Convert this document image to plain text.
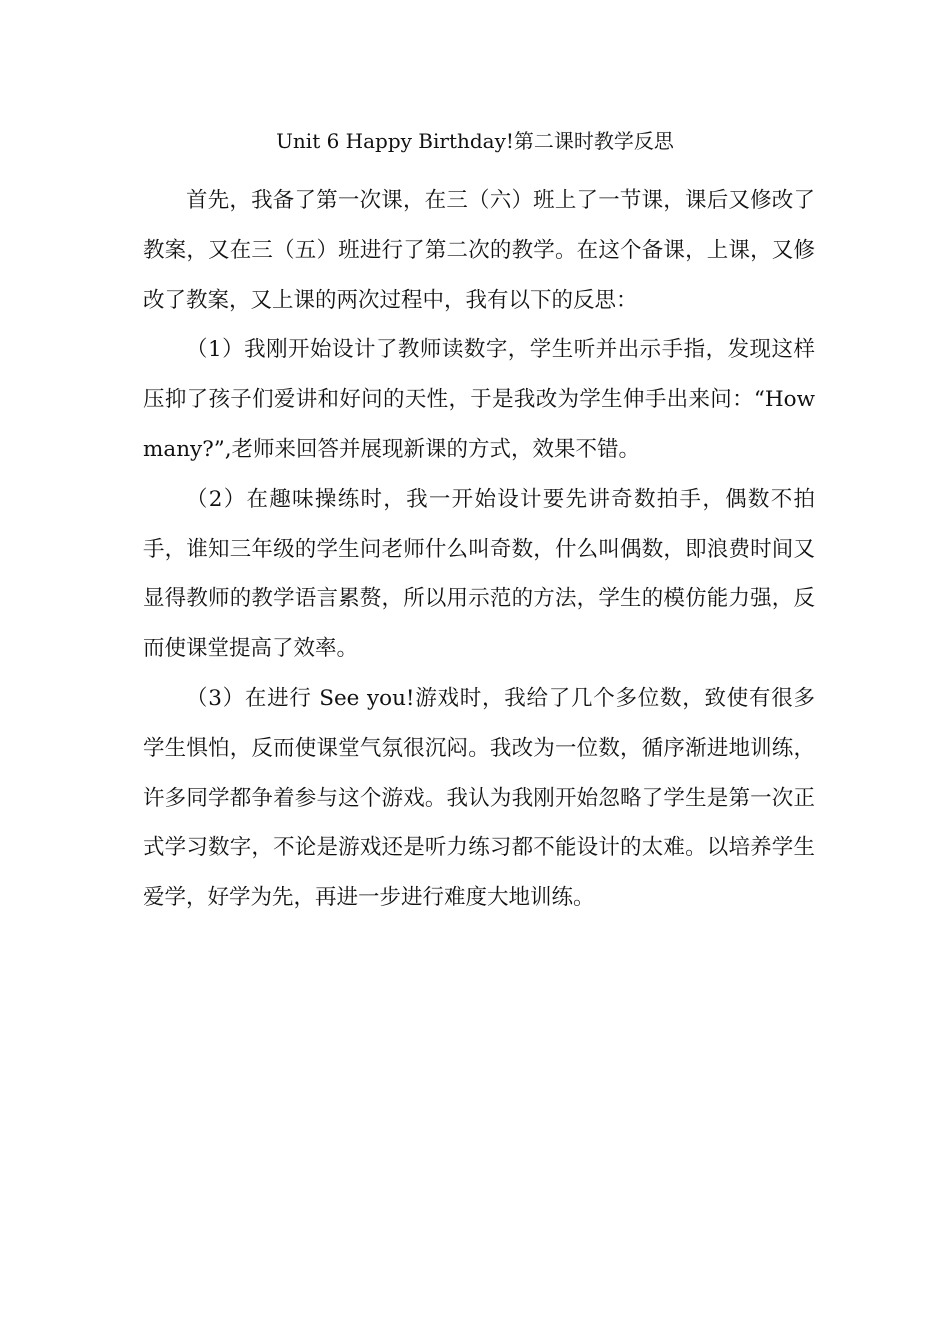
Unit 6 Happy Birthday!第二课时教学反思

首先，我备了第一次课，在三（六）班上了一节课，课后又修改了教案，又在三（五）班进行了第二次的教学。在这个备课，上课，又修改了教案，又上课的两次过程中，我有以下的反思：

（1）我刚开始设计了教师读数字，学生听并出示手指，发现这样压抑了孩子们爱讲和好问的天性，于是我改为学生伸手出来问：“How many?”,老师来回答并展现新课的方式，效果不错。

（2）在趣味操练时，我一开始设计要先讲奇数拍手，偶数不拍手，谁知三年级的学生问老师什么叫奇数，什么叫偶数，即浪费时间又显得教师的教学语言累赘，所以用示范的方法，学生的模仿能力强，反而使课堂提高了效率。

（3）在进行 See you!游戏时，我给了几个多位数，致使有很多学生惧怕，反而使课堂气氛很沉闷。我改为一位数，循序渐进地训练，许多同学都争着参与这个游戏。我认为我刚开始忽略了学生是第一次正式学习数字，不论是游戏还是听力练习都不能设计的太难。以培养学生爱学，好学为先，再进一步进行难度大地训练。
